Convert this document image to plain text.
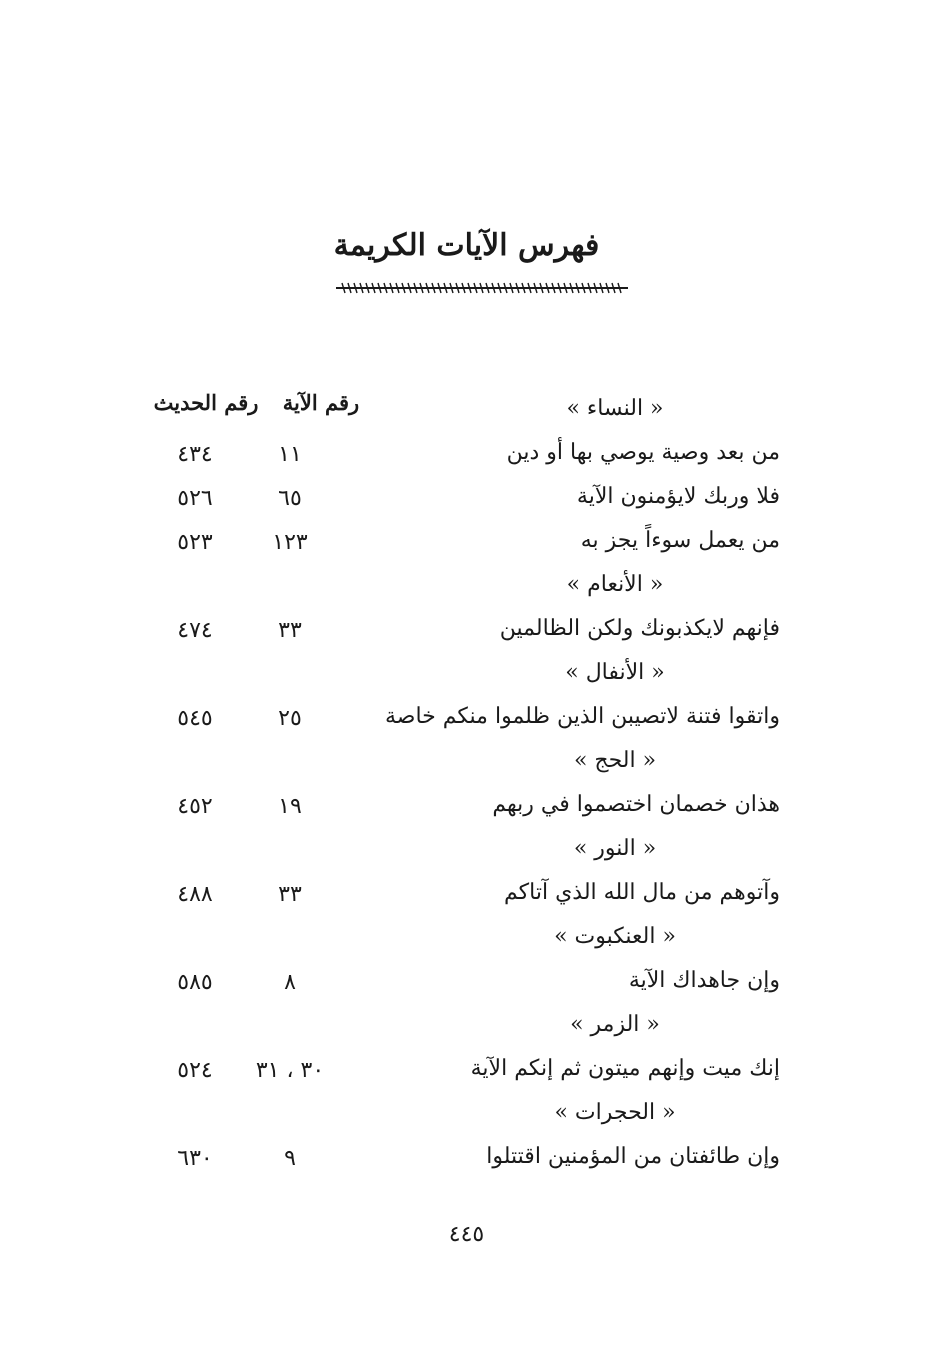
فهرس الآيات الكريمة
رقم الآية
رقم الحديث	« النساء »
من بعد وصية يوصي بها أو دين
١١
٤٣٤
فلا وربك لايؤمنون الآية
٦٥
٥٢٦
من يعمل سوءاً يجز به
١٢٣
٥٢٣
« الأنعام »
فإنهم لايكذبونك ولكن الظالمين
٣٣
٤٧٤
« الأنفال »
واتقوا فتنة لاتصيبن الذين ظلموا منكم خاصة
٢٥
٥٤٥
« الحج »
هذان خصمان اختصموا في ربهم
١٩
٤٥٢
« النور »
وآتوهم من مال الله الذي آتاكم
٣٣
٤٨٨
« العنكبوت »
وإن جاهداك الآية
٨
٥٨٥
« الزمر »
إنك ميت وإنهم ميتون ثم إنكم الآية
٣٠ ، ٣١
٥٢٤
« الحجرات »
وإن طائفتان من المؤمنين اقتتلوا
٩
٦٣٠
٤٤٥
